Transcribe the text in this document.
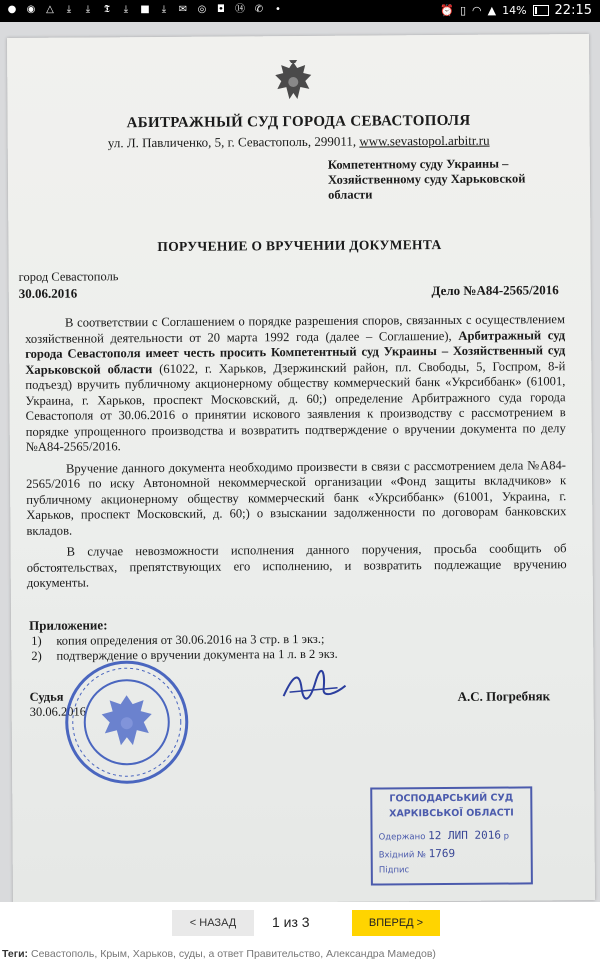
● ◉ △	⤓	⤓	𝕿	⤓	■	⤓	✉ ◎ ◘ ⑭ ✆	•	⏰ ▯ ◠ ▲ 14% 22:15
АБИТРАЖНЫЙ СУД ГОРОДА СЕВАСТОПОЛЯ
ул. Л. Павличенко, 5, г. Севастополь, 299011, www.sevastopol.arbitr.ru
Компетентному суду Украины –
Хозяйственному суду Харьковской
области
ПОРУЧЕНИЕ О ВРУЧЕНИИ ДОКУМЕНТА
город Севастополь
30.06.2016	Дело №А84-2565/2016

В соответствии с Соглашением о порядке разрешения споров, связанных с осуществлением хозяйственной деятельности от 20 марта 1992 года (далее – Соглашение), Арбитражный суд города Севастополя имеет честь просить Компетентный суд Украины – Хозяйственный суд Харьковской области (61022, г. Харьков, Дзержинский район, пл. Свободы, 5, Госпром, 8-й подъезд) вручить публичному акционерному обществу коммерческий банк «Укрсиббанк» (61001, Украина, г. Харьков, проспект Московский, д. 60;) определение Арбитражного суда города Севастополя от 30.06.2016 о принятии искового заявления к производству с рассмотрением в порядке упрощенного производства и возвратить подтверждение о вручении документа по делу №А84-2565/2016.

Вручение данного документа необходимо произвести в связи с рассмотрением дела №А84-2565/2016 по иску Автономной некоммерческой организации «Фонд защиты вкладчиков» к публичному акционерному обществу коммерческий банк «Укрсиббанк» (61001, Украина, г. Харьков, проспект Московский, д. 60;) о взыскании задолженности по договорам банковских вкладов.

В случае невозможности исполнения данного поручения, просьба сообщить об обстоятельствах, препятствующих его исполнению, и возвратить подлежащие вручению документы.

Приложение:
1) копия определения от 30.06.2016 на 3 стр. в 1 экз.;
2) подтверждение о вручении документа на 1 л. в 2 экз.
Судья
30.06.2016
А.С. Погребняк
ГОСПОДАРСЬКИЙ СУД
ХАРКІВСЬКОЇ ОБЛАСТІ
Одержано 12 ЛИП 2016 р
Вхідний № 1769
Підпис
< НАЗАД	1 из 3	ВПЕРЕД >
Теги: Севастополь, Крым, Харьков, суды, а ответ Правительство, Александра Мамедов)
